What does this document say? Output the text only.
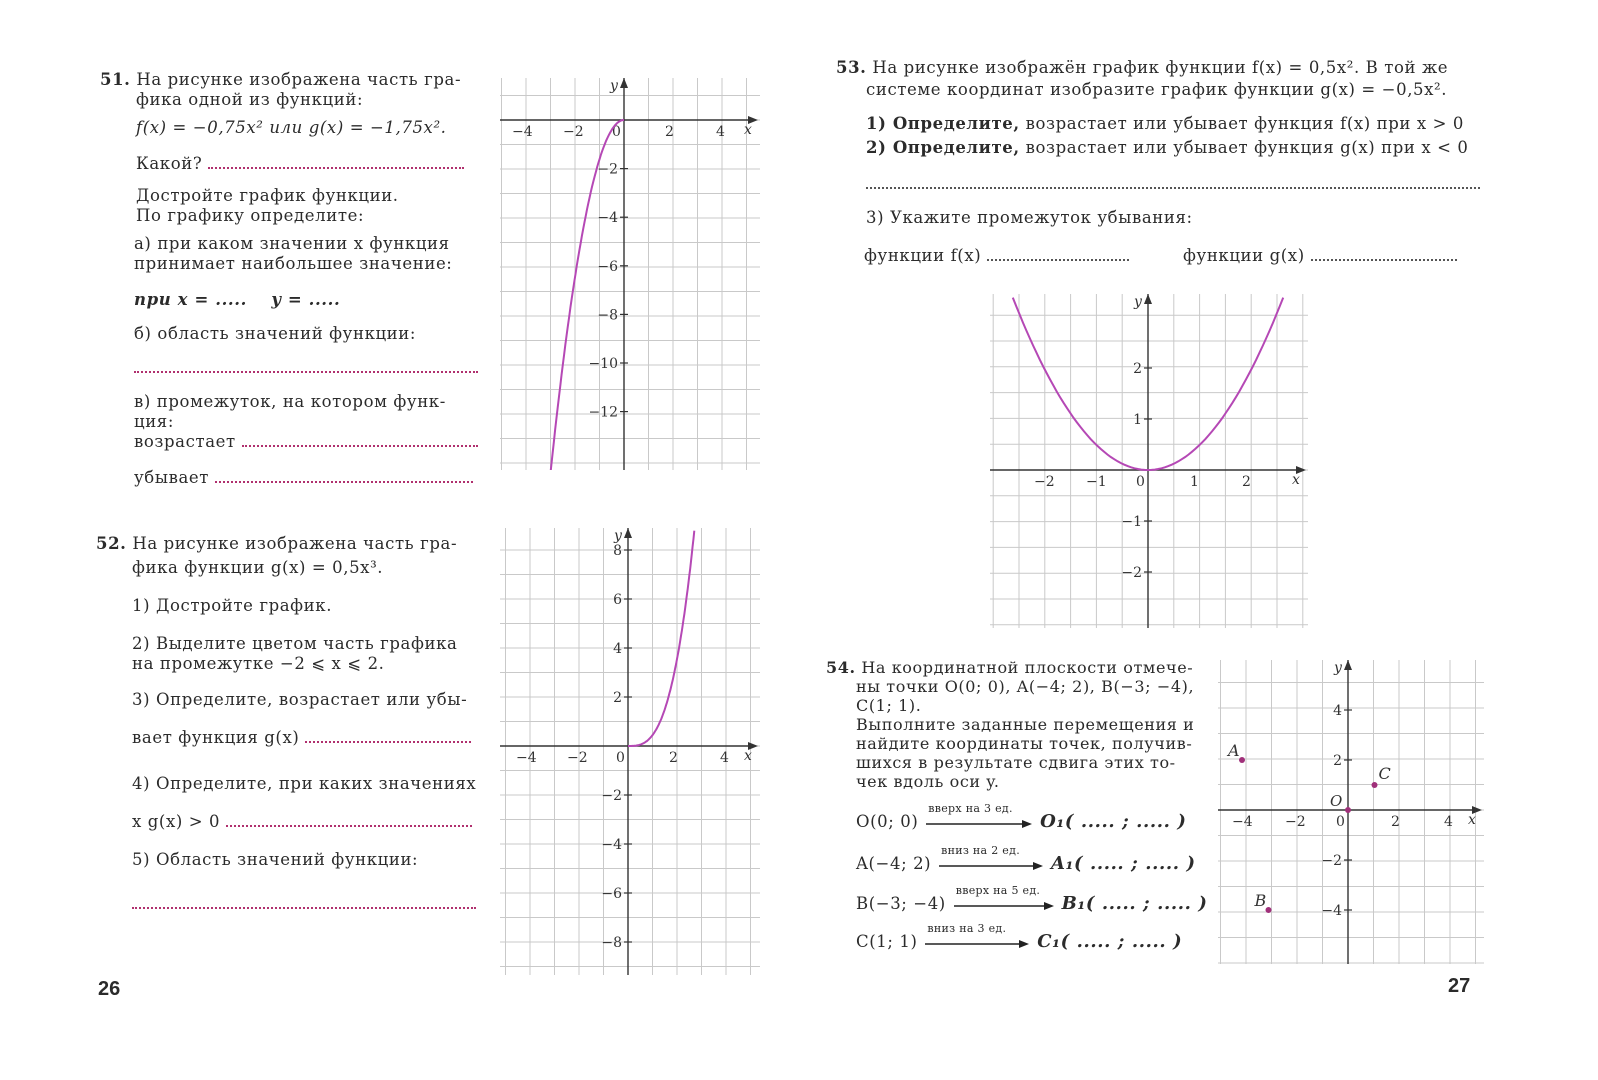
51. На рисунке изображена часть гра-
фика одной из функций:
f(x) = −0,75x² или g(x) = −1,75x².
Какой?
Достройте график функции.
По графику определите:
а) при каком значении x функция
принимает наибольшее значение:
при x = ..... y = .....
б) область значений функции:
в) промежуток, на котором функ-
ция:
возрастает
убывает
x
y
−4 −2 0	2	4
−2
−4
−6
−8
−10
−12
52. На рисунке изображена часть гра-
фика функции g(x) = 0,5x³.
1) Достройте график.
2) Выделите цветом часть графика
на промежутке −2 ⩽ x ⩽ 2.
3) Определите, возрастает или убы-
вает функция g(x)
4) Определите, при каких значениях
x g(x) > 0
5) Область значений функции:
x
y
−4 −2 0	2	4
8
6
4
2
−2
−4
−6
−8
26
53. На рисунке изображён график функции f(x) = 0,5x². В той же
системе координат изобразите график функции g(x) = −0,5x².
1) Определите, возрастает или убывает функция f(x) при x > 0
2) Определите, возрастает или убывает функция g(x) при x < 0
3) Укажите промежуток убывания:
функции f(x)	функции g(x)
x
y
−2 −1 0	1	2
2
1
−1
−2
54. На координатной плоскости отмече-
ны точки O(0; 0), A(−4; 2), B(−3; −4),
C(1; 1).
Выполните заданные перемещения и
найдите координаты точек, получив-
шихся в результате сдвига этих то-
чек вдоль оси y.
O(0; 0)
вверх на 3 ед.
O₁( ..... ; ..... )
A(−4; 2)
вниз на 2 ед.
A₁( ..... ; ..... )
B(−3; −4)
вверх на 5 ед.
B₁( ..... ; ..... )
C(1; 1)
вниз на 3 ед.
C₁( ..... ; ..... )
x
y
−4 −2 0	2	4
4
2
−2
−4
O
A
B
C
27
